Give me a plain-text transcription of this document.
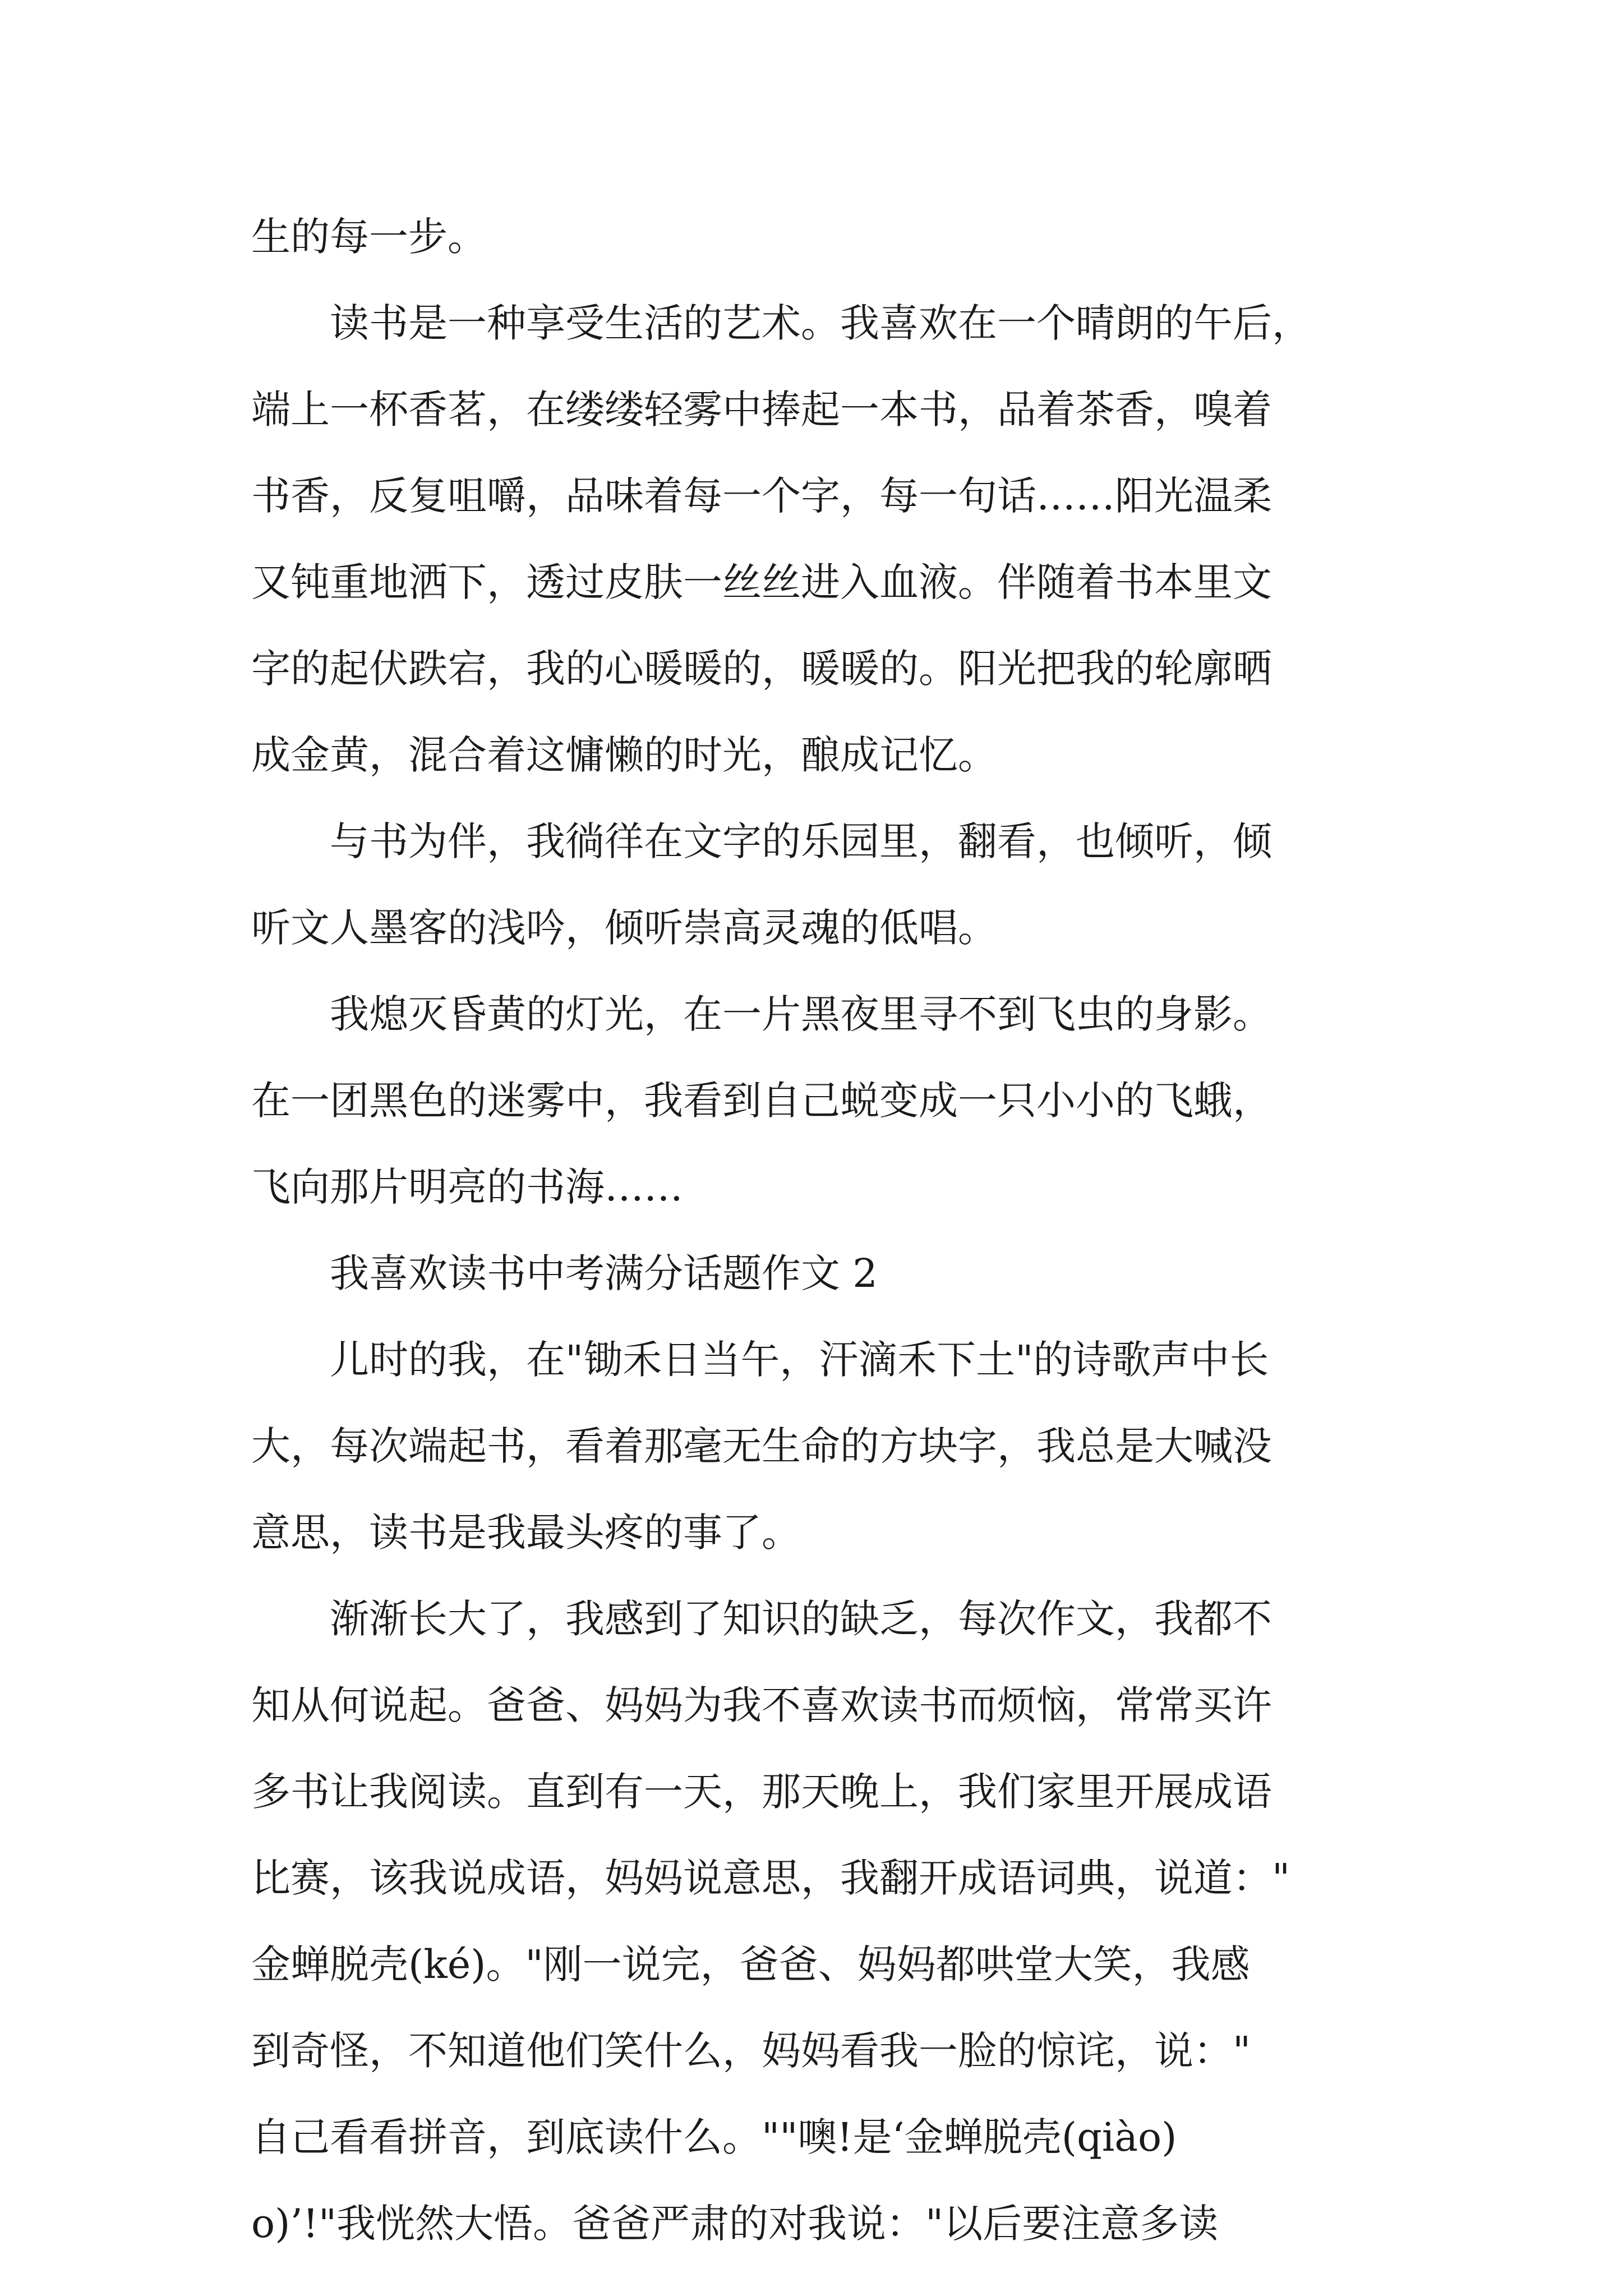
生的每一步。
　　读书是一种享受生活的艺术。我喜欢在一个晴朗的午后，
端上一杯香茗，在缕缕轻雾中捧起一本书，品着茶香，嗅着
书香，反复咀嚼，品味着每一个字，每一句话……阳光温柔
又钝重地洒下，透过皮肤一丝丝进入血液。伴随着书本里文
字的起伏跌宕，我的心暖暖的，暖暖的。阳光把我的轮廓晒
成金黄，混合着这慵懒的时光，酿成记忆。
　　与书为伴，我徜徉在文字的乐园里，翻看，也倾听，倾
听文人墨客的浅吟，倾听崇高灵魂的低唱。
　　我熄灭昏黄的灯光，在一片黑夜里寻不到飞虫的身影。
在一团黑色的迷雾中，我看到自己蜕变成一只小小的飞蛾，
飞向那片明亮的书海……
　　我喜欢读书中考满分话题作文 2
　　儿时的我，在"锄禾日当午，汗滴禾下土"的诗歌声中长
大，每次端起书，看着那毫无生命的方块字，我总是大喊没
意思，读书是我最头疼的事了。
　　渐渐长大了，我感到了知识的缺乏，每次作文，我都不
知从何说起。爸爸、妈妈为我不喜欢读书而烦恼，常常买许
多书让我阅读。直到有一天，那天晚上，我们家里开展成语
比赛，该我说成语，妈妈说意思，我翻开成语词典，说道："
金蝉脱壳(ké)。"刚一说完，爸爸、妈妈都哄堂大笑，我感
到奇怪，不知道他们笑什么，妈妈看我一脸的惊诧，说："
自己看看拼音，到底读什么。""噢!是‘金蝉脱壳(qiào)
o)’!"我恍然大悟。爸爸严肃的对我说："以后要注意多读
